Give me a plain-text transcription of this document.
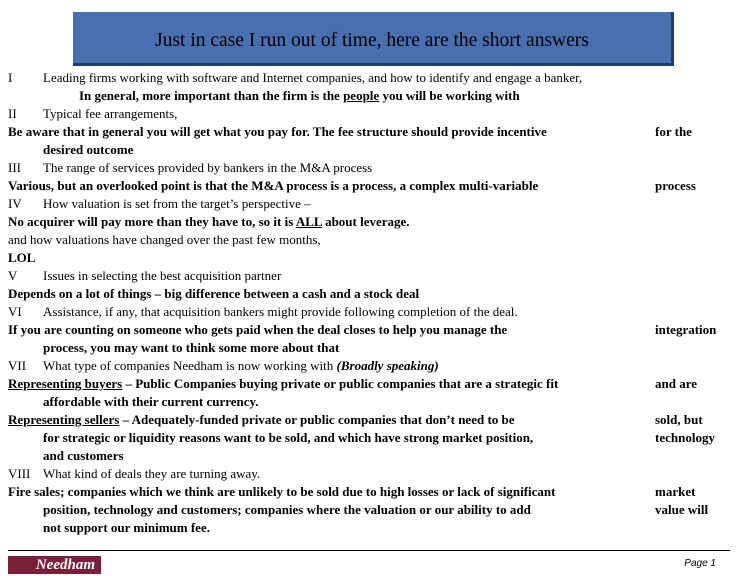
Just in case I run out of time, here are the short answers
I Leading firms working with software and Internet companies, and how to identify and engage a banker,
In general, more important than the firm is the people you will be working with
II Typical fee arrangements,
Be aware that in general you will get what you pay for. The fee structure should provide incentive	for the
desired outcome
III The range of services provided by bankers in the M&A process
Various, but an overlooked point is that the M&A process is a process, a complex multi-variable	process
IV How valuation is set from the target’s perspective –
No acquirer will pay more than they have to, so it is ALL about leverage.
and how valuations have changed over the past few months,
LOL
V Issues in selecting the best acquisition partner
Depends on a lot of things – big difference between a cash and a stock deal
VI Assistance, if any, that acquisition bankers might provide following completion of the deal.
If you are counting on someone who gets paid when the deal closes to help you manage the	integration
process, you may want to think some more about that
VII What type of companies Needham is now working with (Broadly speaking)
Representing buyers – Public Companies buying private or public companies that are a strategic fit	and are
affordable with their current currency.
Representing sellers – Adequately-funded private or public companies that don’t need to be	sold, but
for strategic or liquidity reasons want to be sold, and which have strong market position,	technology
and customers
VIII What kind of deals they are turning away.
Fire sales; companies which we think are unlikely to be sold due to high losses or lack of significant	market
position, technology and customers; companies where the valuation or our ability to add	value will
not support our minimum fee.
Needham	Page 1
